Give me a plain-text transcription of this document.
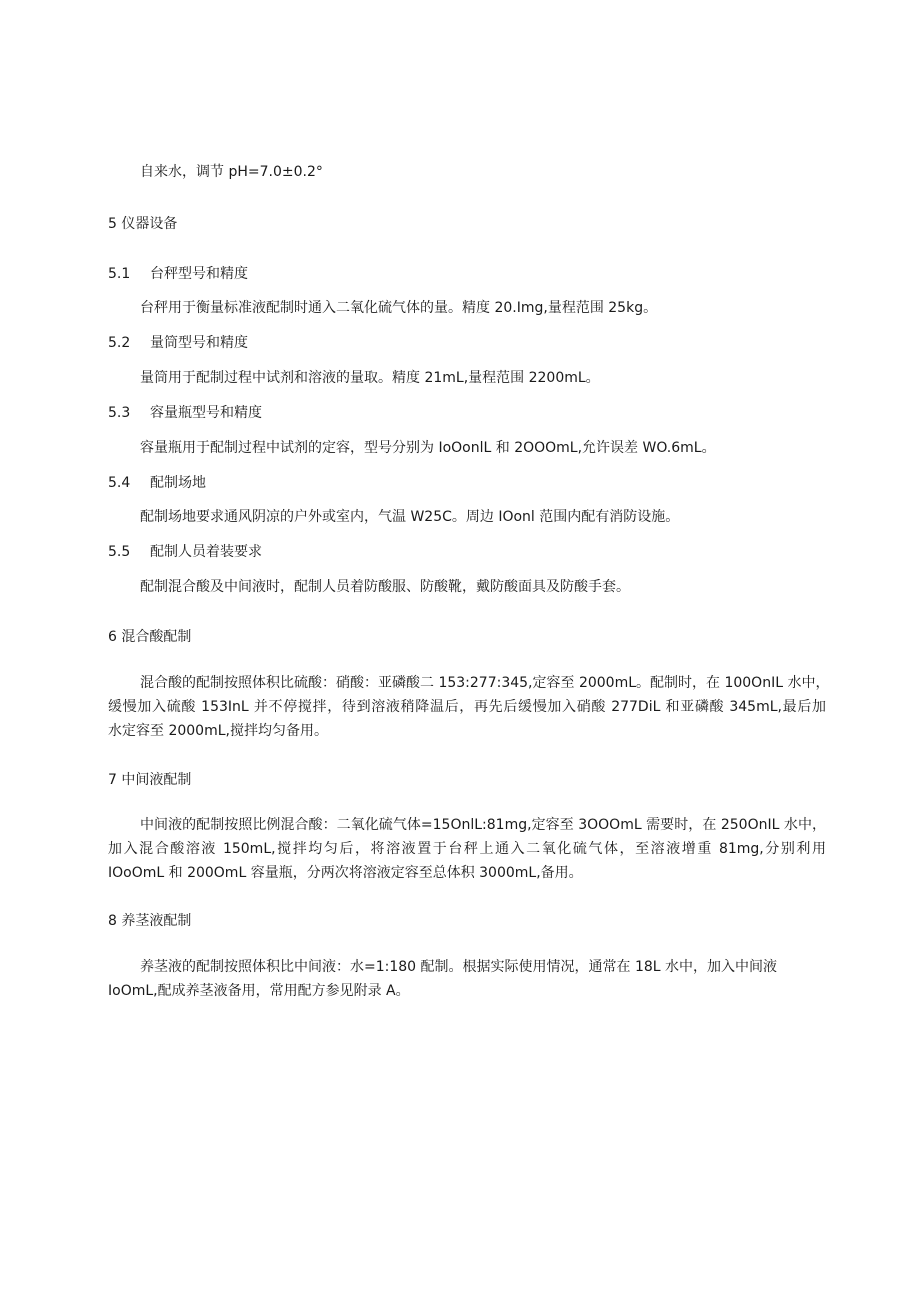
自来水，调节 pH=7.0±0.2°

5 仪器设备

5.1 台秤型号和精度

台秤用于衡量标准液配制时通入二氧化硫气体的量。精度 20.Img,量程范围 25kg。

5.2 量筒型号和精度

量筒用于配制过程中试剂和溶液的量取。精度 21mL,量程范围 2200mL。

5.3 容量瓶型号和精度

容量瓶用于配制过程中试剂的定容，型号分别为 IoOonlL 和 2OOOmL,允许误差 WO.6mL。

5.4 配制场地

配制场地要求通风阴凉的户外或室内，气温 W25C。周边 IOonl 范围内配有消防设施。

5.5 配制人员着装要求

配制混合酸及中间液时，配制人员着防酸服、防酸靴，戴防酸面具及防酸手套。

6 混合酸配制

混合酸的配制按照体积比硫酸：硝酸：亚磷酸二 153:277:345,定容至 2000mL。配制时，在 100OnIL 水中，
缓慢加入硫酸 153InL 并不停搅拌，待到溶液稍降温后，再先后缓慢加入硝酸 277DiL 和亚磷酸 345mL,最后加
水定容至 2000mL,搅拌均匀备用。

7 中间液配制

中间液的配制按照比例混合酸：二氧化硫气体=15OnlL:81mg,定容至 3OOOmL 需要时，在 250OnIL 水中，
加入混合酸溶液 150mL,搅拌均匀后，将溶液置于台秤上通入二氧化硫气体，至溶液增重 81mg,分别利用
IOoOmL 和 200OmL 容量瓶，分两次将溶液定容至总体积 3000mL,备用。

8 养茎液配制

养茎液的配制按照体积比中间液：水=1:180 配制。根据实际使用情况，通常在 18L 水中，加入中间液
IoOmL,配成养茎液备用，常用配方参见附录 A。
